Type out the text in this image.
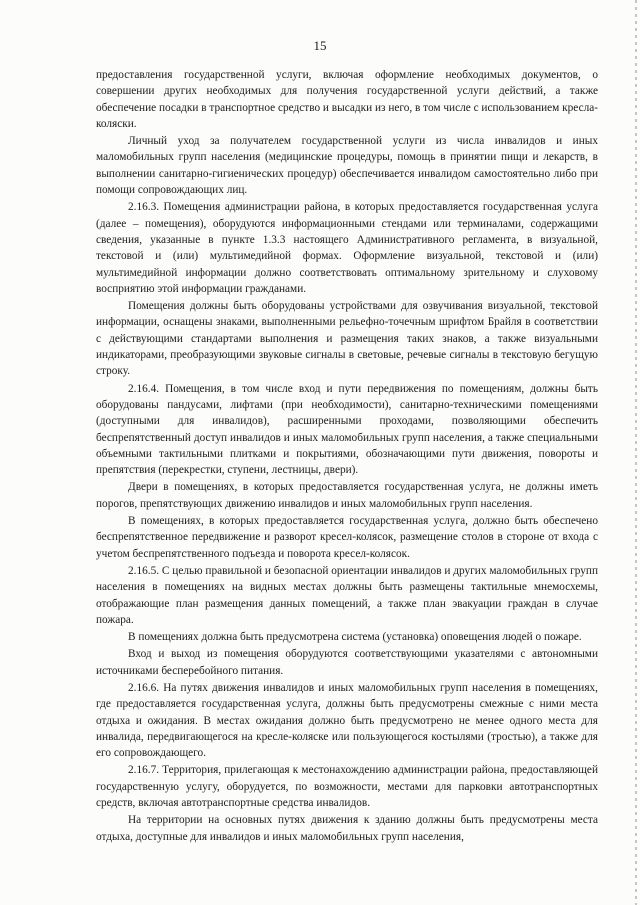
15

предоставления государственной услуги, включая оформление необходимых документов, о совершении других необходимых для получения государственной услуги действий, а также обеспечение посадки в транспортное средство и высадки из него, в том числе с использованием кресла-коляски.

Личный уход за получателем государственной услуги из числа инвалидов и иных маломобильных групп населения (медицинские процедуры, помощь в принятии пищи и лекарств, в выполнении санитарно-гигиенических процедур) обеспечивается инвалидом самостоятельно либо при помощи сопровождающих лиц.

2.16.3. Помещения администрации района, в которых предоставляется государственная услуга (далее – помещения), оборудуются информационными стендами или терминалами, содержащими сведения, указанные в пункте 1.3.3 настоящего Административного регламента, в визуальной, текстовой и (или) мультимедийной формах. Оформление визуальной, текстовой и (или) мультимедийной информации должно соответствовать оптимальному зрительному и слуховому восприятию этой информации гражданами.

Помещения должны быть оборудованы устройствами для озвучивания визуальной, текстовой информации, оснащены знаками, выполненными рельефно-точечным шрифтом Брайля в соответствии с действующими стандартами выполнения и размещения таких знаков, а также визуальными индикаторами, преобразующими звуковые сигналы в световые, речевые сигналы в текстовую бегущую строку.

2.16.4. Помещения, в том числе вход и пути передвижения по помещениям, должны быть оборудованы пандусами, лифтами (при необходимости), санитарно-техническими помещениями (доступными для инвалидов), расширенными проходами, позволяющими обеспечить беспрепятственный доступ инвалидов и иных маломобильных групп населения, а также специальными объемными тактильными плитками и покрытиями, обозначающими пути движения, повороты и препятствия (перекрестки, ступени, лестницы, двери).

Двери в помещениях, в которых предоставляется государственная услуга, не должны иметь порогов, препятствующих движению инвалидов и иных маломобильных групп населения.

В помещениях, в которых предоставляется государственная услуга, должно быть обеспечено беспрепятственное передвижение и разворот кресел-колясок, размещение столов в стороне от входа с учетом беспрепятственного подъезда и поворота кресел-колясок.

2.16.5. С целью правильной и безопасной ориентации инвалидов и других маломобильных групп населения в помещениях на видных местах должны быть размещены тактильные мнемосхемы, отображающие план размещения данных помещений, а также план эвакуации граждан в случае пожара.

В помещениях должна быть предусмотрена система (установка) оповещения людей о пожаре.

Вход и выход из помещения оборудуются соответствующими указателями с автономными источниками бесперебойного питания.

2.16.6. На путях движения инвалидов и иных маломобильных групп населения в помещениях, где предоставляется государственная услуга, должны быть предусмотрены смежные с ними места отдыха и ожидания. В местах ожидания должно быть предусмотрено не менее одного места для инвалида, передвигающегося на кресле-коляске или пользующегося костылями (тростью), а также для его сопровождающего.

2.16.7. Территория, прилегающая к местонахождению администрации района, предоставляющей государственную услугу, оборудуется, по возможности, местами для парковки автотранспортных средств, включая автотранспортные средства инвалидов.

На территории на основных путях движения к зданию должны быть предусмотрены места отдыха, доступные для инвалидов и иных маломобильных групп населения,
